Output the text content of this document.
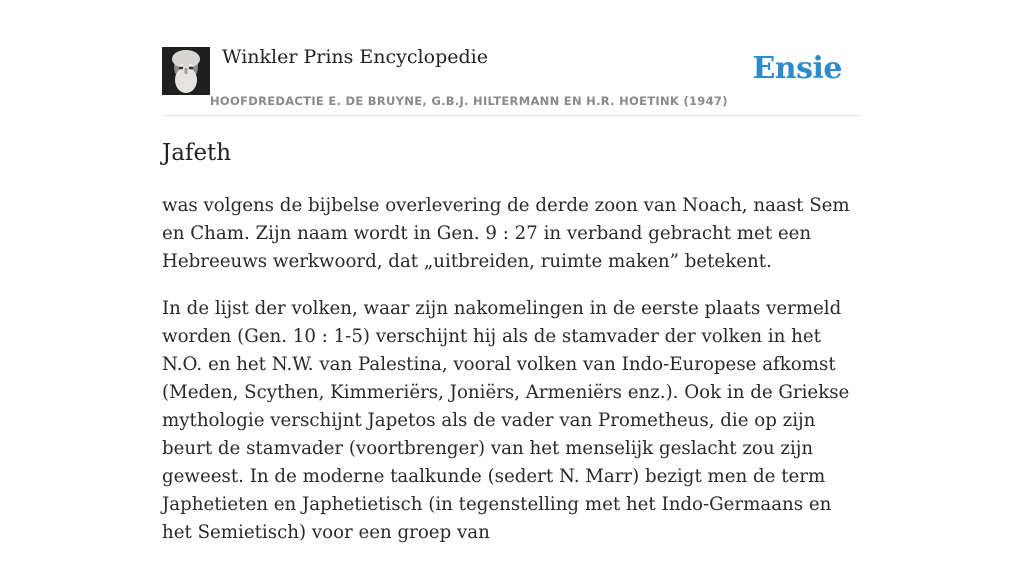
Winkler Prins Encyclopedie
HOOFDREDACTIE E. DE BRUYNE, G.B.J. HILTERMANN EN H.R. HOETINK (1947)
Ensie
Jafeth

was volgens de bijbelse overlevering de derde zoon van Noach, naast Sem en Cham. Zijn naam wordt in Gen. 9 : 27 in verband gebracht met een Hebreeuws werkwoord, dat „uitbreiden, ruimte maken” betekent.

In de lijst der volken, waar zijn nakomelingen in de eerste plaats vermeld worden (Gen. 10 : 1-5) verschijnt hij als de stamvader der volken in het N.O. en het N.W. van Palestina, vooral volken van Indo-Europese afkomst (Meden, Scythen, Kimmeriërs, Joniërs, Armeniërs enz.). Ook in de Griekse mythologie verschijnt Japetos als de vader van Prometheus, die op zijn beurt de stamvader (voortbrenger) van het menselijk geslacht zou zijn geweest. In de moderne taalkunde (sedert N. Marr) bezigt men de term Japhetieten en Japhetietisch (in tegenstelling met het Indo-Germaans en het Semietisch) voor een groep van
